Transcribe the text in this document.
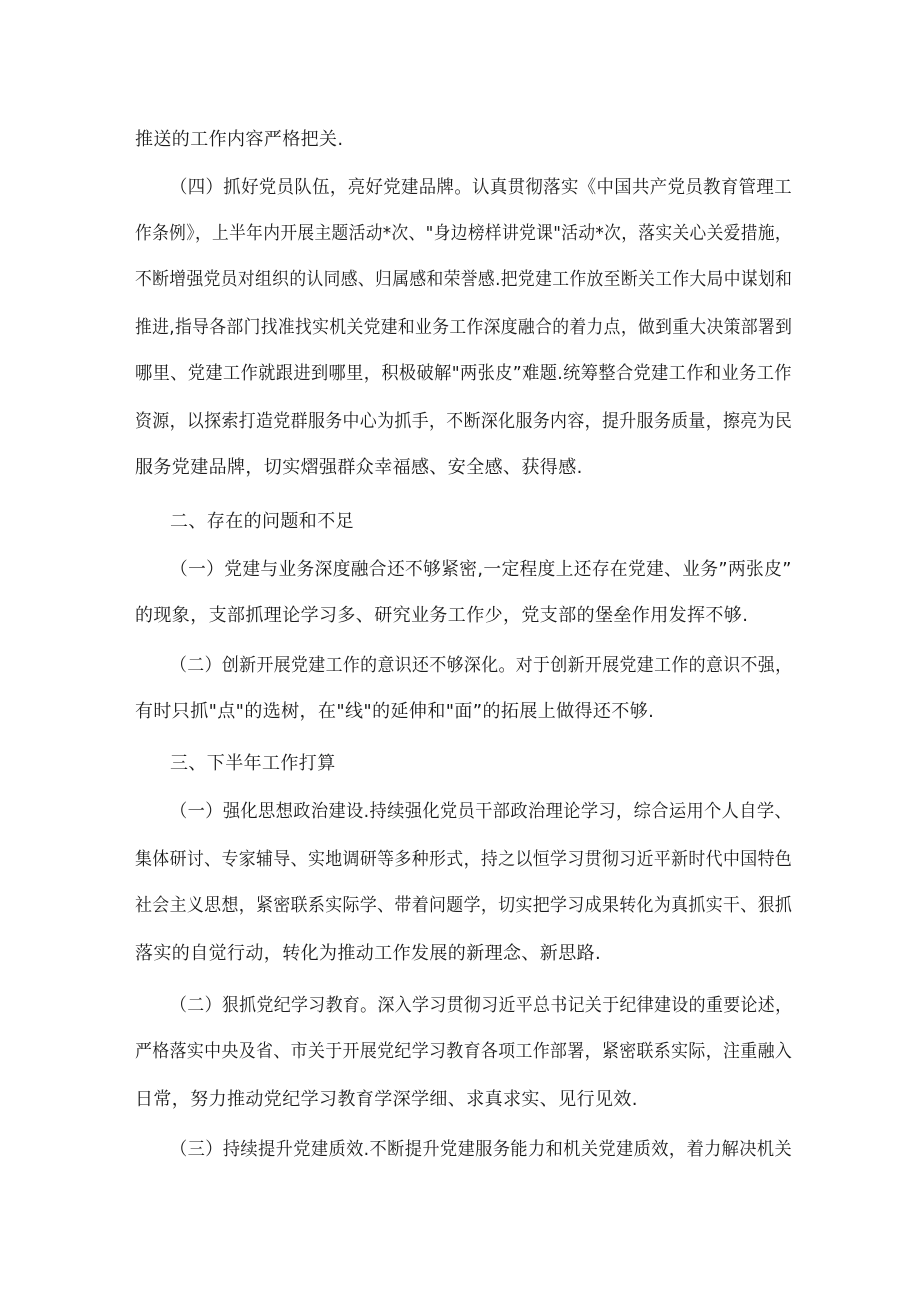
推送的工作内容严格把关.
（四）抓好党员队伍，亮好党建品牌。认真贯彻落实《中国共产党员教育管理工
作条例》，上半年内开展主题活动*次、"身边榜样讲党课"活动*次，落实关心关爱措施，
不断增强党员对组织的认同感、归属感和荣誉感.把党建工作放至断关工作大局中谋划和
推进,指导各部门找准找实机关党建和业务工作深度融合的着力点，做到重大决策部署到
哪里、党建工作就跟进到哪里，积极破解"两张皮”难题.统筹整合党建工作和业务工作
资源，以探索打造党群服务中心为抓手，不断深化服务内容，提升服务质量，擦亮为民
服务党建品牌，切实熠强群众幸福感、安全感、获得感.
二、存在的问题和不足
（一）党建与业务深度融合还不够紧密,一定程度上还存在党建、业务”两张皮”
的现象，支部抓理论学习多、研究业务工作少，党支部的堡垒作用发挥不够.
（二）创新开展党建工作的意识还不够深化。对于创新开展党建工作的意识不强，
有时只抓"点"的选树，在"线"的延伸和"面”的拓展上做得还不够.
三、下半年工作打算
（一）强化思想政治建设.持续强化党员干部政治理论学习，综合运用个人自学、
集体研讨、专家辅导、实地调研等多种形式，持之以恒学习贯彻习近平新时代中国特色
社会主义思想，紧密联系实际学、带着问题学，切实把学习成果转化为真抓实干、狠抓
落实的自觉行动，转化为推动工作发展的新理念、新思路.
（二）狠抓党纪学习教育。深入学习贯彻习近平总书记关于纪律建设的重要论述，
严格落实中央及省、市关于开展党纪学习教育各项工作部署，紧密联系实际，注重融入
日常，努力推动党纪学习教育学深学细、求真求实、见行见效.
（三）持续提升党建质效.不断提升党建服务能力和机关党建质效，着力解决机关
